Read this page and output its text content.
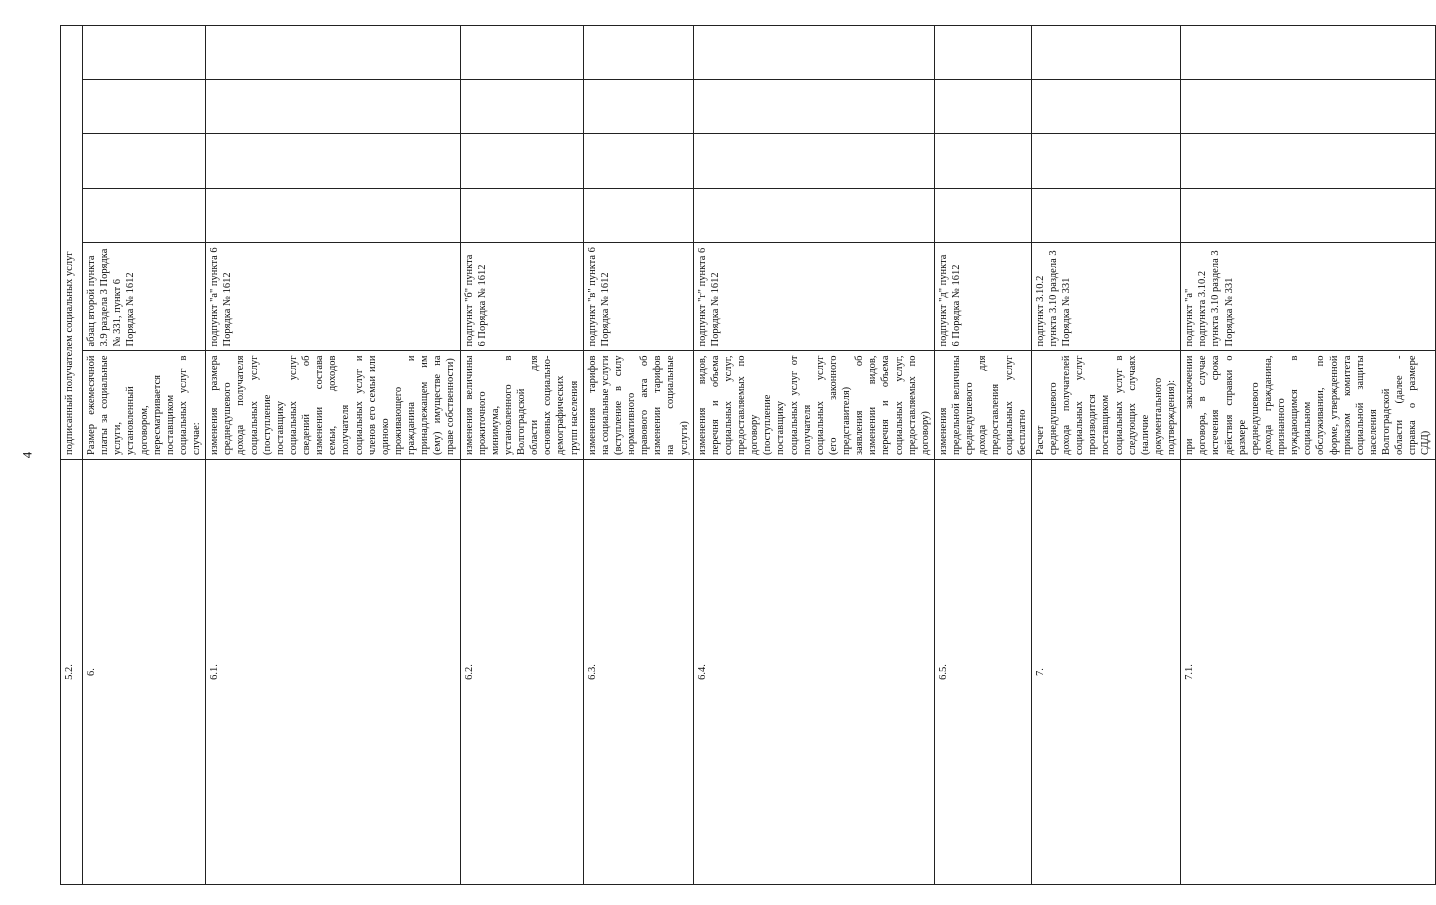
4
5.2.	подписанный получателем социальных услуг					
6.	Размер ежемесячной платы за социальные услуги, установленный договором, пересматривается поставщиком социальных услуг в случае:	абзац второй пункта 3.9 раздела 3 Порядка № 331, пункт 6 Порядка № 1612				
6.1.	изменения размера среднедушевого дохода получателя социальных услуг (поступление поставщику социальных услуг сведений об изменении состава семьи, доходов получателя социальных услуг и членов его семьи или одиноко проживающего гражданина и принадлежащем им (ему) имуществе на праве собственности)	подпункт "а" пункта 6 Порядка № 1612				
6.2.	изменения величины прожиточного минимума, установленного в Волгоградской области для основных социально-демографических групп населения	подпункт "б" пункта 6 Порядка № 1612				
6.3.	изменения тарифов на социальные услуги (вступление в силу нормативного правового акта об изменении тарифов на социальные услуги)	подпункт "в" пункта 6 Порядка № 1612				
6.4.	изменения видов, перечня и объема социальных услуг, предоставляемых по договору (поступление поставщику социальных услуг от получателя социальных услуг (его законного представителя) заявления об изменении видов, перечня и объема социальных услуг, предоставляемых по договору)	подпункт "г" пункта 6 Порядка № 1612				
6.5.	изменения предельной величины среднедушевого дохода для предоставления социальных услуг бесплатно	подпункт "д" пункта 6 Порядка № 1612				
7.	Расчет среднедушевого дохода получателей социальных услуг производится поставщиком социальных услуг в следующих случаях (наличие документального подтверждения):	подпункт 3.10.2 пункта 3.10 раздела 3 Порядка № 331				
7.1.	при заключении договора, в случае истечения срока действия справки о размере среднедушевого дохода гражданина, признанного нуждающимся в социальном обслуживании, по форме, утвержденной приказом комитета социальной защиты населения Волгоградской области (далее - справка о размере СДД)	подпункт "а" подпункта 3.10.2 пункта 3.10 раздела 3 Порядка № 331				
